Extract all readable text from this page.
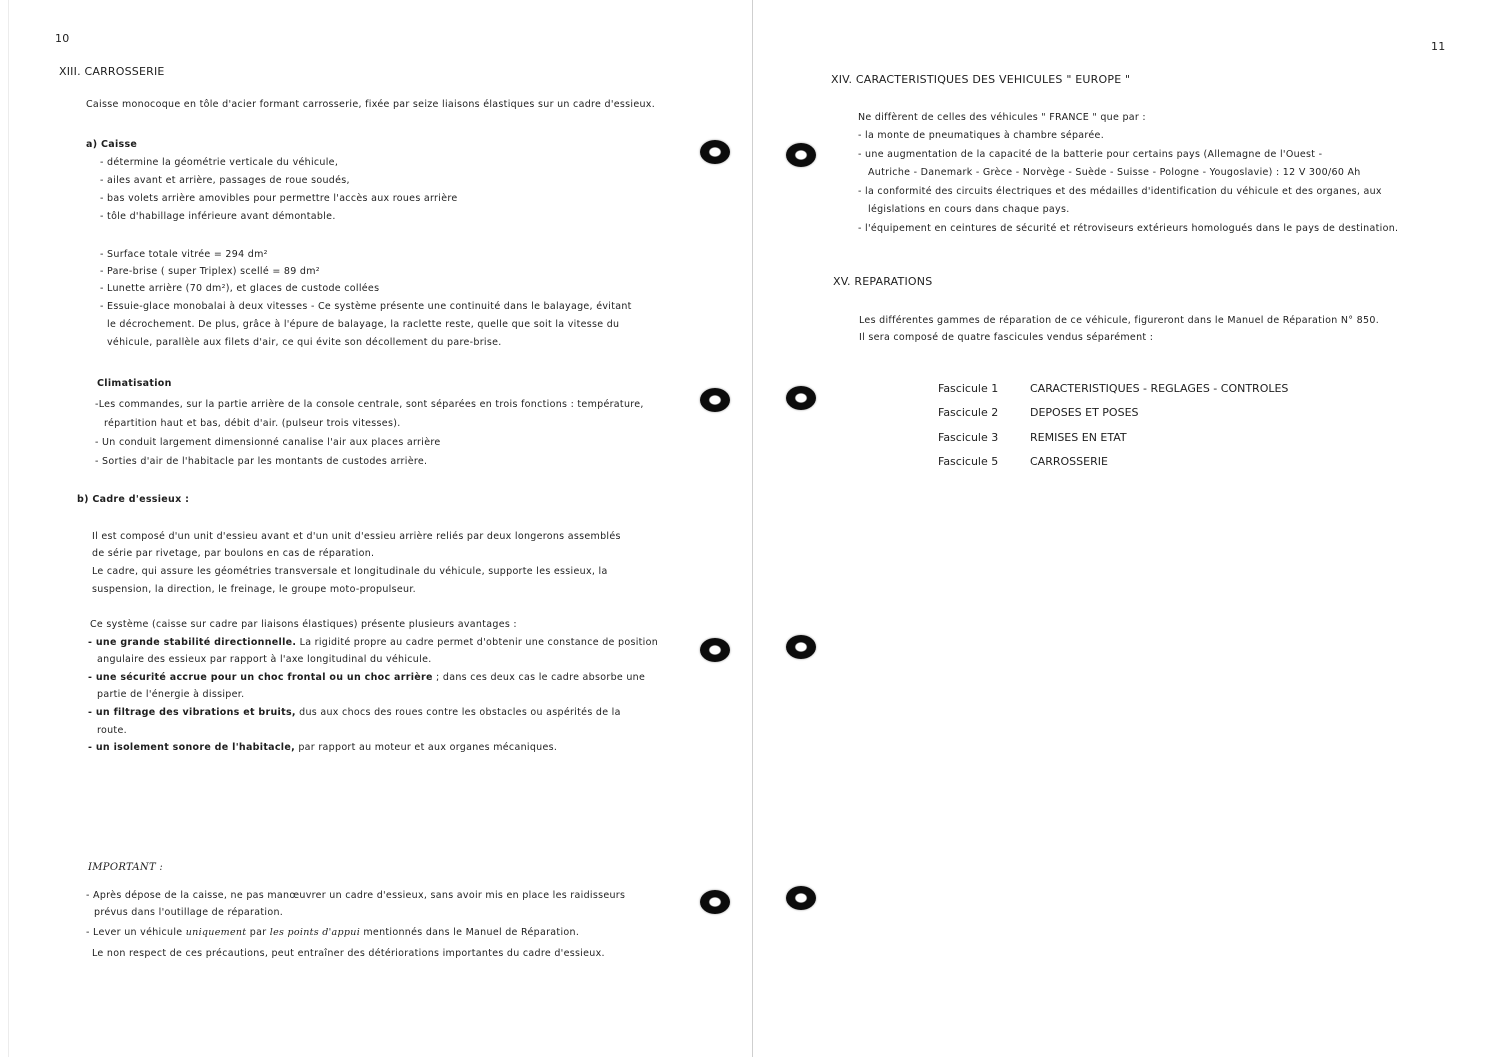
10
XIII. CARROSSERIE
Caisse monocoque en tôle d'acier formant carrosserie, fixée par seize liaisons élastiques sur un cadre d'essieux.
a) Caisse
- détermine la géométrie verticale du véhicule,
- ailes avant et arrière, passages de roue soudés,
- bas volets arrière amovibles pour permettre l'accès aux roues arrière
- tôle d'habillage inférieure avant démontable.
- Surface totale vitrée = 294 dm²
- Pare-brise ( super Triplex) scellé = 89 dm²
- Lunette arrière (70 dm²), et glaces de custode collées
- Essuie-glace monobalai à deux vitesses - Ce système présente une continuité dans le balayage, évitant
le décrochement. De plus, grâce à l'épure de balayage, la raclette reste, quelle que soit la vitesse du
véhicule, parallèle aux filets d'air, ce qui évite son décollement du pare-brise.
Climatisation
-Les commandes, sur la partie arrière de la console centrale, sont séparées en trois fonctions : température,
répartition haut et bas, débit d'air. (pulseur trois vitesses).
- Un conduit largement dimensionné canalise l'air aux places arrière
- Sorties d'air de l'habitacle par les montants de custodes arrière.
b) Cadre d'essieux :
Il est composé d'un unit d'essieu avant et d'un unit d'essieu arrière reliés par deux longerons assemblés
de série par rivetage, par boulons en cas de réparation.
Le cadre, qui assure les géométries transversale et longitudinale du véhicule, supporte les essieux, la
suspension, la direction, le freinage, le groupe moto-propulseur.
Ce système (caisse sur cadre par liaisons élastiques) présente plusieurs avantages :
- une grande stabilité directionnelle. La rigidité propre au cadre permet d'obtenir une constance de position
angulaire des essieux par rapport à l'axe longitudinal du véhicule.
- une sécurité accrue pour un choc frontal ou un choc arrière ; dans ces deux cas le cadre absorbe une
partie de l'énergie à dissiper.
- un filtrage des vibrations et bruits, dus aux chocs des roues contre les obstacles ou aspérités de la
route.
- un isolement sonore de l'habitacle, par rapport au moteur et aux organes mécaniques.
IMPORTANT :
- Après dépose de la caisse, ne pas manœuvrer un cadre d'essieux, sans avoir mis en place les raidisseurs
prévus dans l'outillage de réparation.
- Lever un véhicule uniquement par les points d'appui mentionnés dans le Manuel de Réparation.
Le non respect de ces précautions, peut entraîner des détériorations importantes du cadre d'essieux.
11
XIV. CARACTERISTIQUES DES VEHICULES " EUROPE "
Ne diffèrent de celles des véhicules " FRANCE " que par :
- la monte de pneumatiques à chambre séparée.
- une augmentation de la capacité de la batterie pour certains pays (Allemagne de l'Ouest -
Autriche - Danemark - Grèce - Norvège - Suède - Suisse - Pologne - Yougoslavie) : 12 V 300/60 Ah
- la conformité des circuits électriques et des médailles d'identification du véhicule et des organes, aux
législations en cours dans chaque pays.
- l'équipement en ceintures de sécurité et rétroviseurs extérieurs homologués dans le pays de destination.
XV. REPARATIONS
Les différentes gammes de réparation de ce véhicule, figureront dans le Manuel de Réparation N° 850.
Il sera composé de quatre fascicules vendus séparément :
Fascicule 1	CARACTERISTIQUES - REGLAGES - CONTROLES
Fascicule 2	DEPOSES ET POSES
Fascicule 3	REMISES EN ETAT
Fascicule 5	CARROSSERIE
